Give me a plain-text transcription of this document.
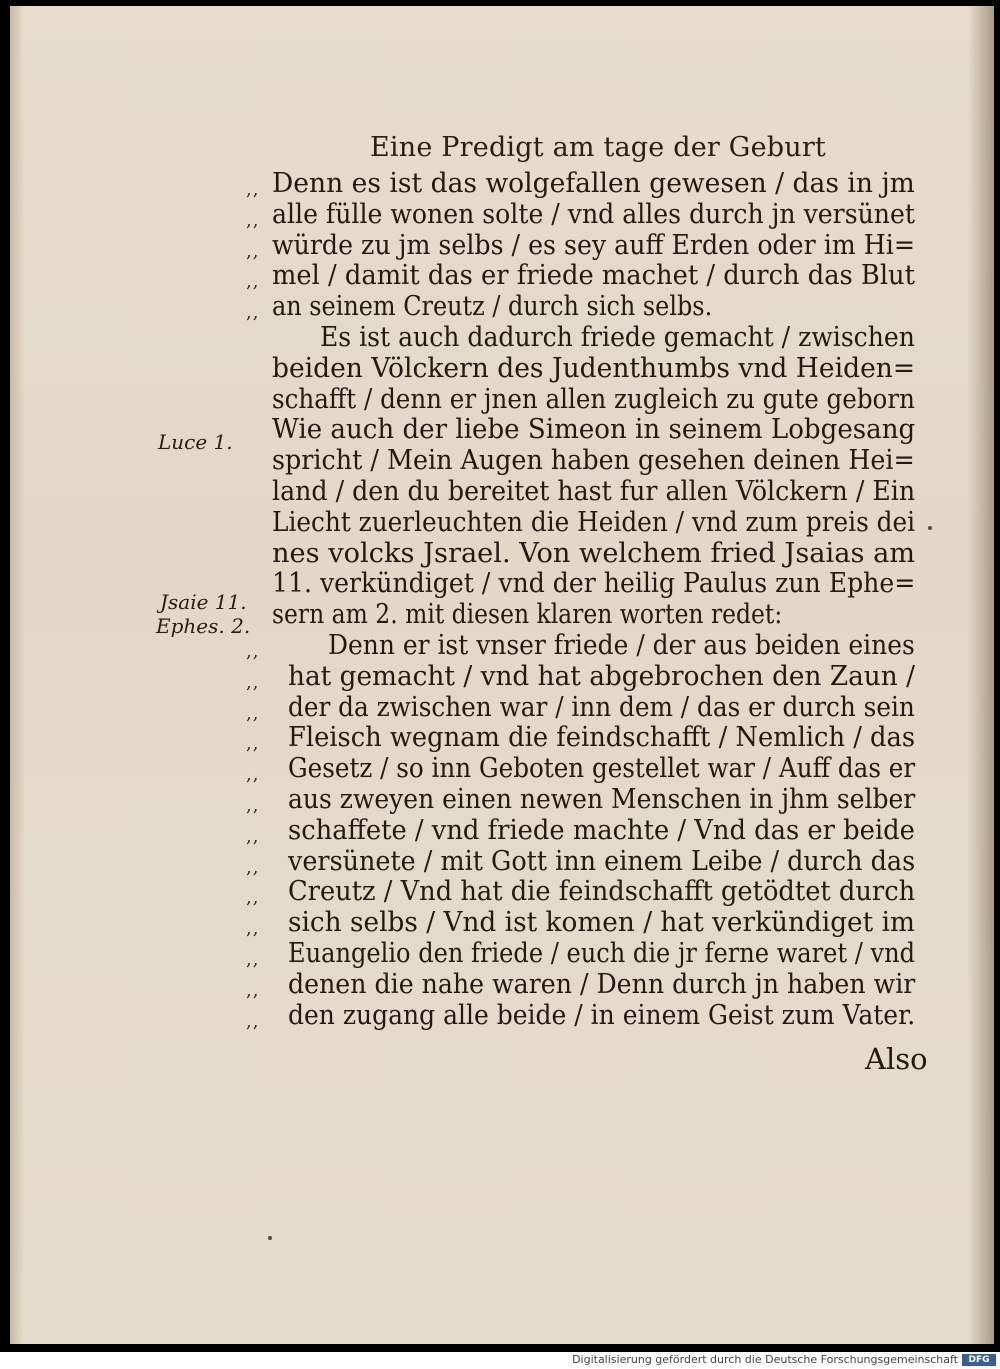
Eine Predigt am tage der Geburt
,, Denn es ist das wolgefallen gewesen / das in jm
,, alle fülle wonen solte / vnd alles durch jn versünet
,, würde zu jm selbs / es sey auff Erden oder im Hi=
,, mel / damit das er friede machet / durch das Blut
,, an seinem Creutz / durch sich selbs.
Es ist auch dadurch friede gemacht / zwischen
beiden Völckern des Judenthumbs vnd Heiden=
schafft / denn er jnen allen zugleich zu gute geborn
Wie auch der liebe Simeon in seinem Lobgesang
spricht / Mein Augen haben gesehen deinen Hei=
land / den du bereitet hast fur allen Völckern / Ein
Liecht zuerleuchten die Heiden / vnd zum preis dei
nes volcks Jsrael. Von welchem fried Jsaias am
11. verkündiget / vnd der heilig Paulus zun Ephe=
sern am 2. mit diesen klaren worten redet:
,,	Denn er ist vnser friede / der aus beiden eines
,, hat gemacht / vnd hat abgebrochen den Zaun /
,, der da zwischen war / inn dem / das er durch sein
,, Fleisch wegnam die feindschafft / Nemlich / das
,, Gesetz / so inn Geboten gestellet war / Auff das er
,, aus zweyen einen newen Menschen in jhm selber
,, schaffete / vnd friede machte / Vnd das er beide
,, versünete / mit Gott inn einem Leibe / durch das
,, Creutz / Vnd hat die feindschafft getödtet durch
,, sich selbs / Vnd ist komen / hat verkündiget im
,, Euangelio den friede / euch die jr ferne waret / vnd
,, denen die nahe waren / Denn durch jn haben wir
,, den zugang alle beide / in einem Geist zum Vater.
Luce 1.
Jsaie 11.
Ephes. 2.
Also
Digitalisierung gefördert durch die Deutsche Forschungsgemeinschaft	DFG
